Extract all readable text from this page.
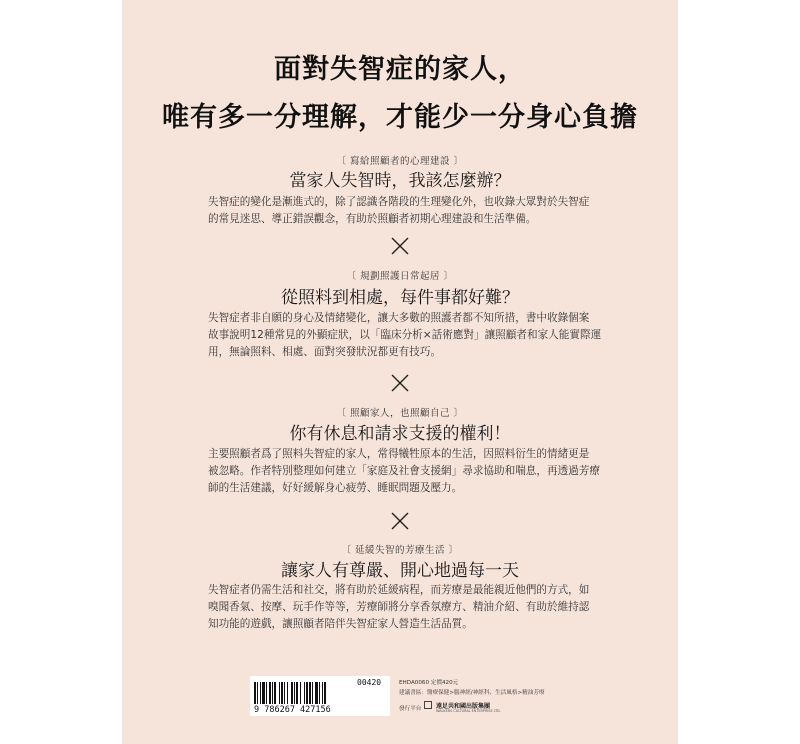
面對失智症的家人，
唯有多一分理解，才能少一分身心負擔
〔 寫給照顧者的心理建設 〕
當家人失智時，我該怎麼辦？
失智症的變化是漸進式的，除了認識各階段的生理變化外，也收錄大眾對於失智症
的常見迷思、導正錯誤觀念，有助於照顧者初期心理建設和生活準備。
〔 規劃照護日常起居 〕
從照料到相處，每件事都好難？
失智症者非自願的身心及情緒變化，讓大多數的照護者都不知所措，書中收錄個案
故事說明12種常見的外顯症狀，以「臨床分析×話術應對」讓照顧者和家人能實際運
用，無論照料、相處、面對突發狀況都更有技巧。
〔 照顧家人，也照顧自己 〕
你有休息和請求支援的權利！
主要照顧者爲了照料失智症的家人，常得犧牲原本的生活，因照料衍生的情緒更是
被忽略。作者特別整理如何建立「家庭及社會支援網」尋求協助和喘息，再透過芳療
師的生活建議，好好緩解身心疲勞、睡眠問題及壓力。
〔 延緩失智的芳療生活 〕
讓家人有尊嚴、開心地過每一天
失智症者仍需生活和社交，將有助於延緩病程，而芳療是最能親近他們的方式，如
嗅聞香氣、按摩、玩手作等等，芳療師將分享香氛療方、精油介紹、有助於維持認
知功能的遊戲，讓照顧者陪伴失智症家人營造生活品質。
9 786267 427156
00420	EHDA0060 定價420元
建議書區：醫療保健>腦神經/神經科、生活風格>精油芳療
發行平台 遠足共和國出版集團
WALKERS CULTURAL ENTERPRISE LTD.
